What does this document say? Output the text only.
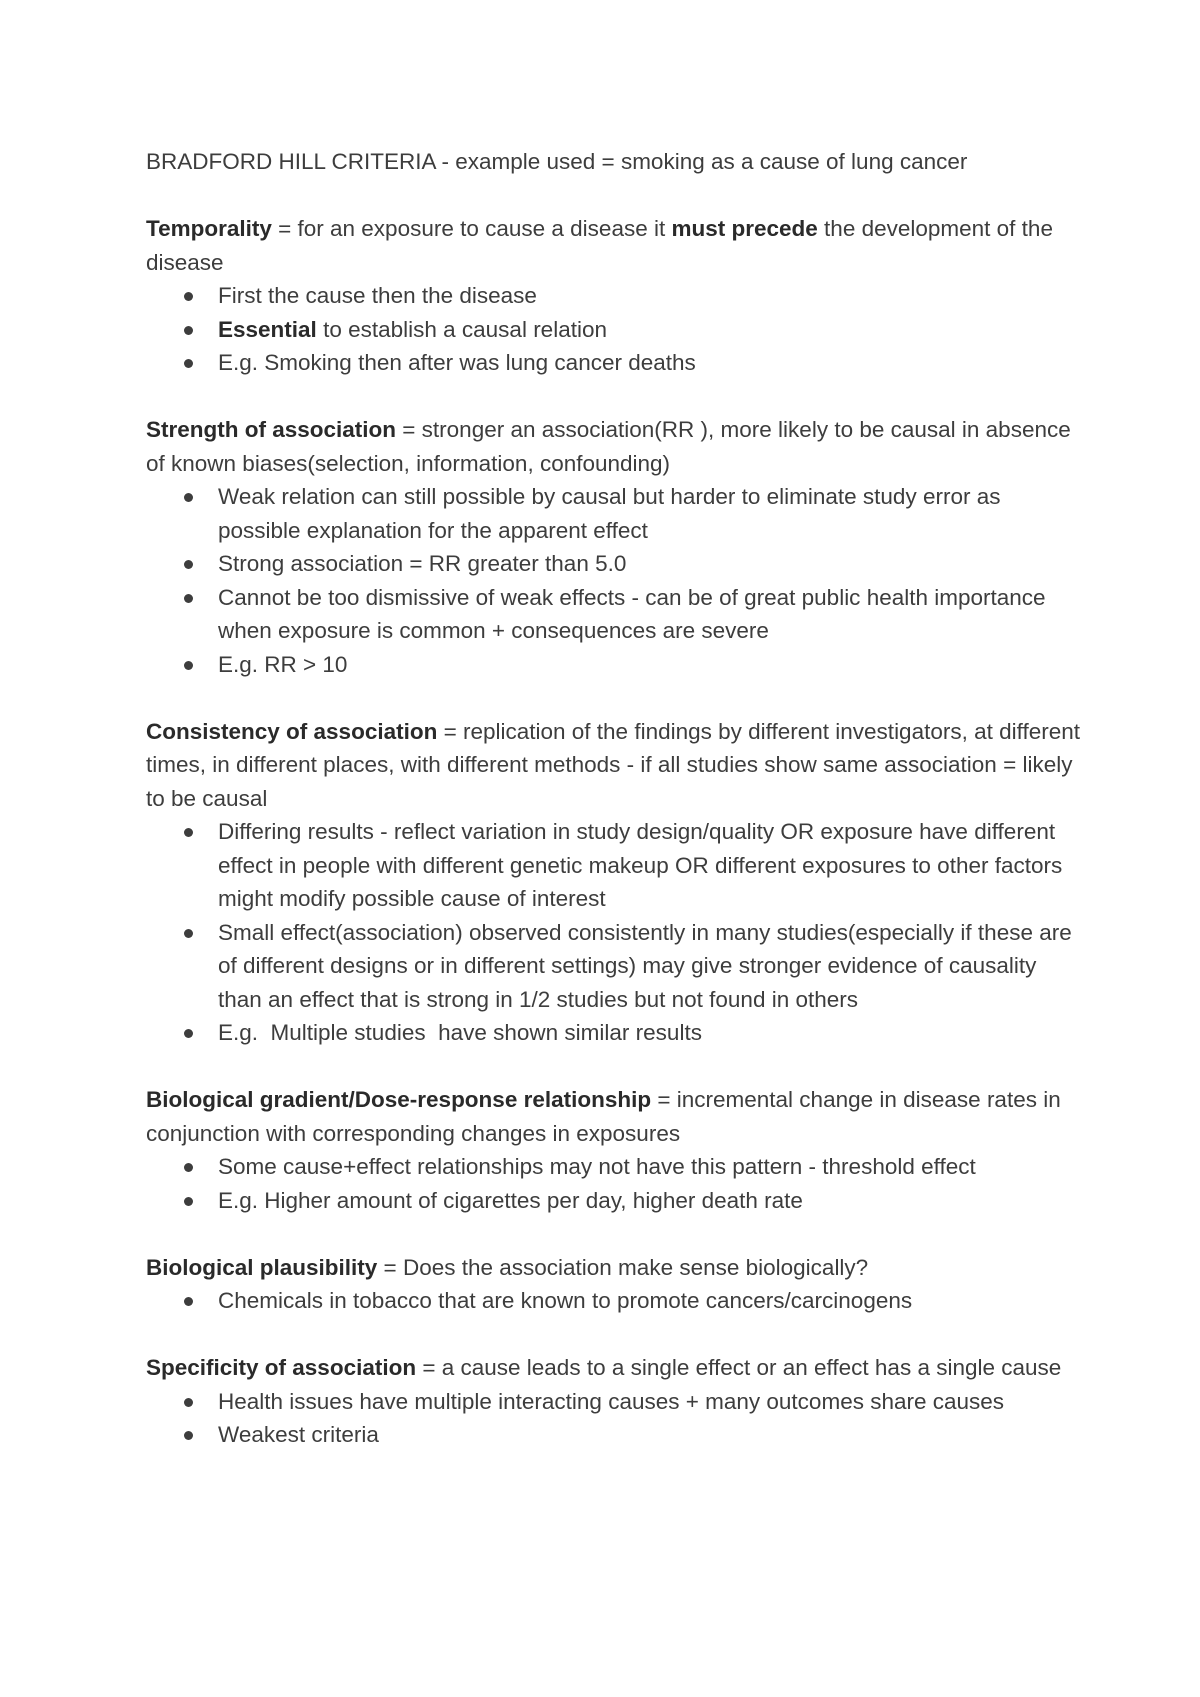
BRADFORD HILL CRITERIA - example used = smoking as a cause of lung cancer

Temporality = for an exposure to cause a disease it must precede the development of the disease

First the cause then the disease
Essential to establish a causal relation
E.g. Smoking then after was lung cancer deaths

Strength of association = stronger an association(RR ), more likely to be causal in absence of known biases(selection, information, confounding)

Weak relation can still possible by causal but harder to eliminate study error as possible explanation for the apparent effect
Strong association = RR greater than 5.0
Cannot be too dismissive of weak effects - can be of great public health importance when exposure is common + consequences are severe
E.g. RR > 10

Consistency of association = replication of the findings by different investigators, at different times, in different places, with different methods - if all studies show same association = likely to be causal

Differing results - reflect variation in study design/quality OR exposure have different effect in people with different genetic makeup OR different exposures to other factors might modify possible cause of interest
Small effect(association) observed consistently in many studies(especially if these are of different designs or in different settings) may give stronger evidence of causality than an effect that is strong in 1/2 studies but not found in others
E.g.  Multiple studies  have shown similar results

Biological gradient/Dose-response relationship = incremental change in disease rates in conjunction with corresponding changes in exposures

Some cause+effect relationships may not have this pattern - threshold effect
E.g. Higher amount of cigarettes per day, higher death rate

Biological plausibility = Does the association make sense biologically?

Chemicals in tobacco that are known to promote cancers/carcinogens

Specificity of association = a cause leads to a single effect or an effect has a single cause

Health issues have multiple interacting causes + many outcomes share causes
Weakest criteria
